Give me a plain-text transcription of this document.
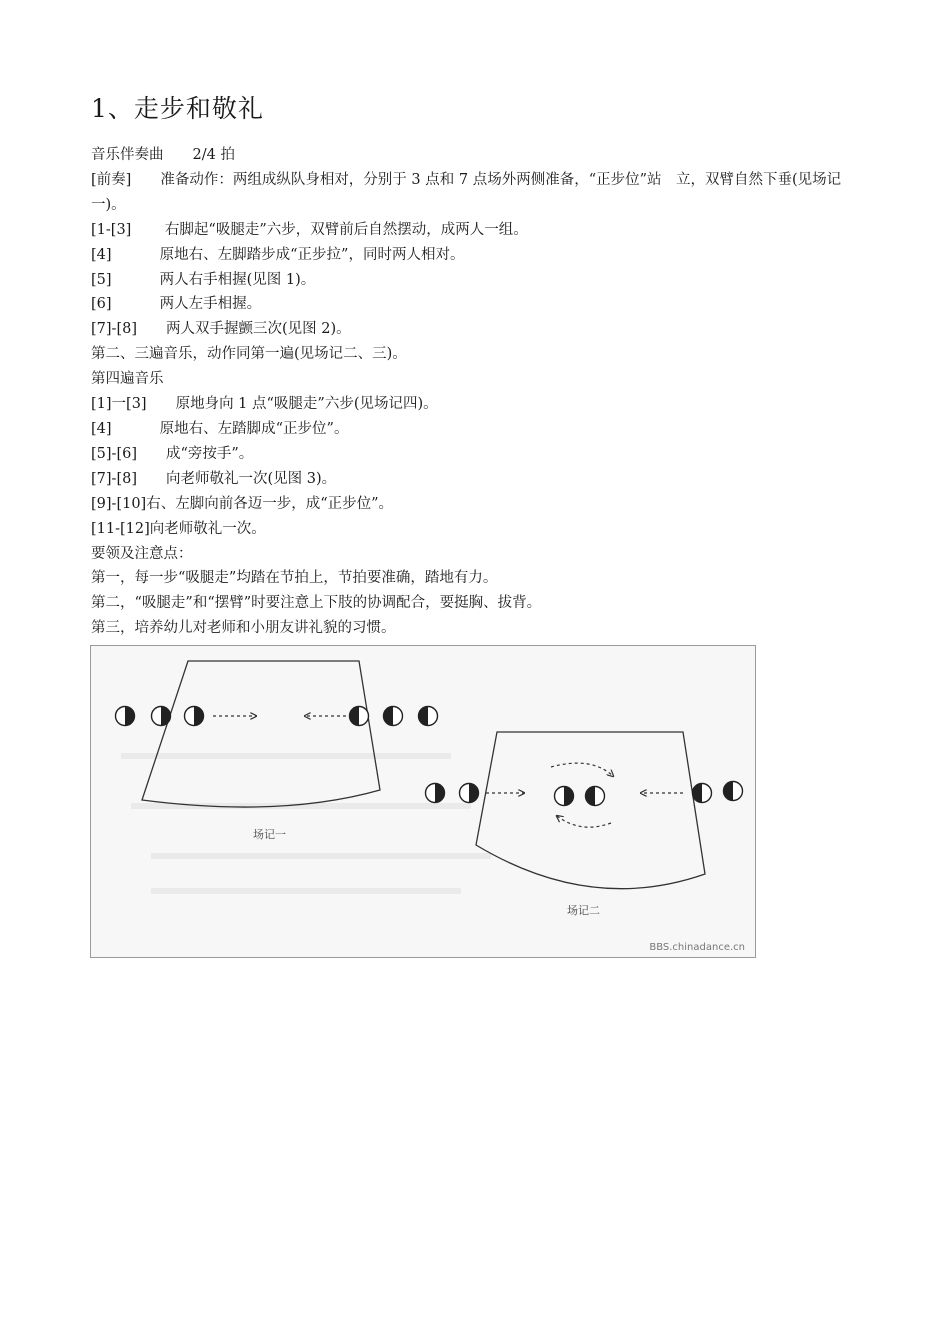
1、走步和敬礼
音乐伴奏曲　　2/4 拍
[前奏]　　准备动作：两组成纵队身相对，分别于 3 点和 7 点场外两侧准备，“正步位”站　立，双臂自然下垂(见场记一)。
[1-[3]　　 右脚起“吸腿走”六步，双臂前后自然摆动，成两人一组。
[4]　　　 原地右、左脚踏步成“正步拉”，同时两人相对。
[5]　　　 两人右手相握(见图 1)。
[6]　　　 两人左手相握。
[7]-[8]　　两人双手握颤三次(见图 2)。
第二、三遍音乐，动作同第一遍(见场记二、三)。
第四遍音乐
[1]一[3]　　原地身向 1 点“吸腿走”六步(见场记四)。
[4]　　　 原地右、左踏脚成“正步位”。
[5]-[6]　　成“旁按手”。
[7]-[8]　　向老师敬礼一次(见图 3)。
[9]-[10]右、左脚向前各迈一步，成“正步位”。
[11-[12]向老师敬礼一次。
要领及注意点：
第一，每一步“吸腿走”均踏在节拍上，节拍要准确，踏地有力。
第二，“吸腿走”和“摆臂”时要注意上下肢的协调配合，要挺胸、拔背。
第三，培养幼儿对老师和小朋友讲礼貌的习惯。
场记一
场记二
BBS.chinadance.cn
